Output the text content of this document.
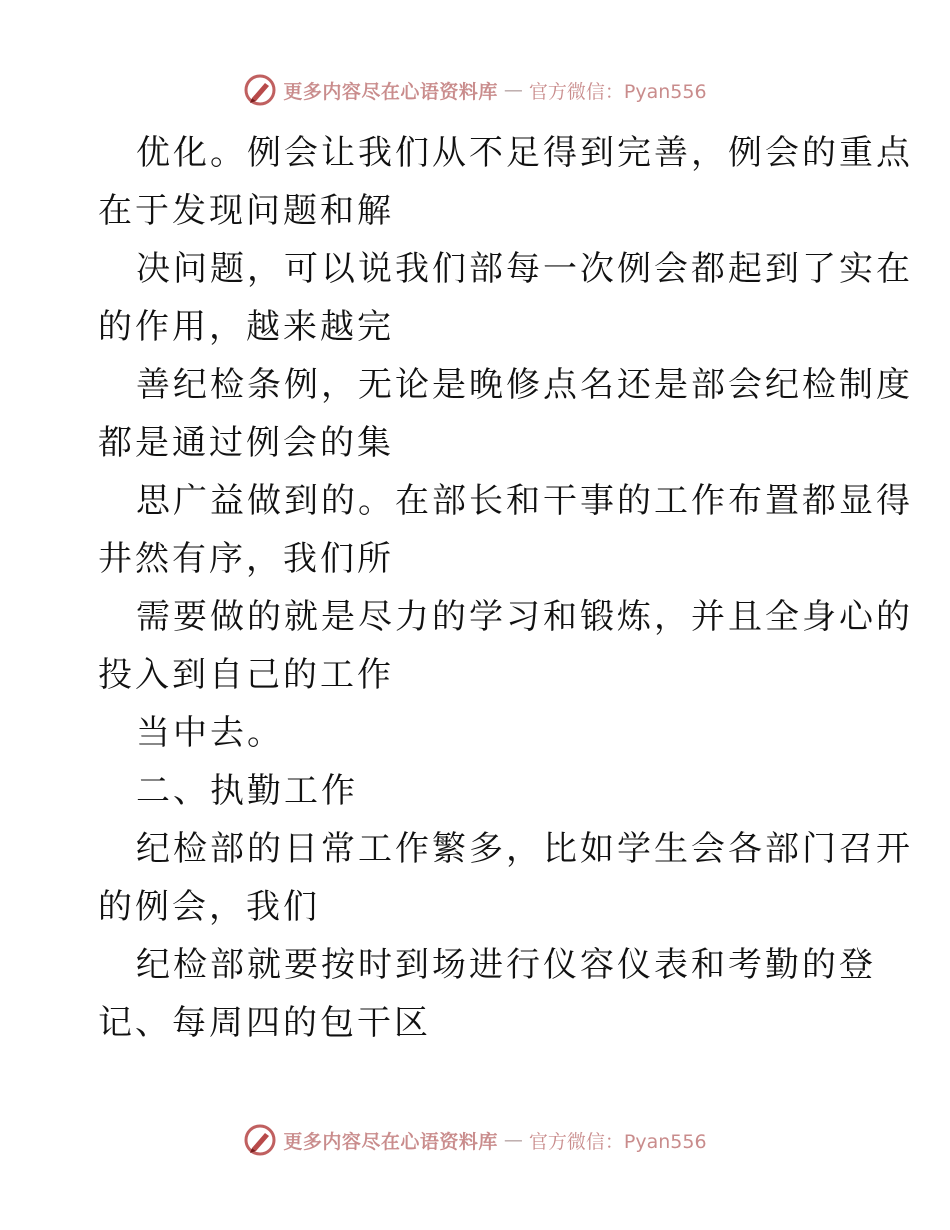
更多内容尽在心语资料库 — 官方微信：Pyan556
优化。例会让我们从不足得到完善，例会的重点
在于发现问题和解
决问题，可以说我们部每一次例会都起到了实在
的作用，越来越完
善纪检条例，无论是晚修点名还是部会纪检制度
都是通过例会的集
思广益做到的。在部长和干事的工作布置都显得
井然有序，我们所
需要做的就是尽力的学习和锻炼，并且全身心的
投入到自己的工作
当中去。
二、执勤工作
纪检部的日常工作繁多，比如学生会各部门召开
的例会，我们
纪检部就要按时到场进行仪容仪表和考勤的登
记、每周四的包干区
更多内容尽在心语资料库 — 官方微信：Pyan556
